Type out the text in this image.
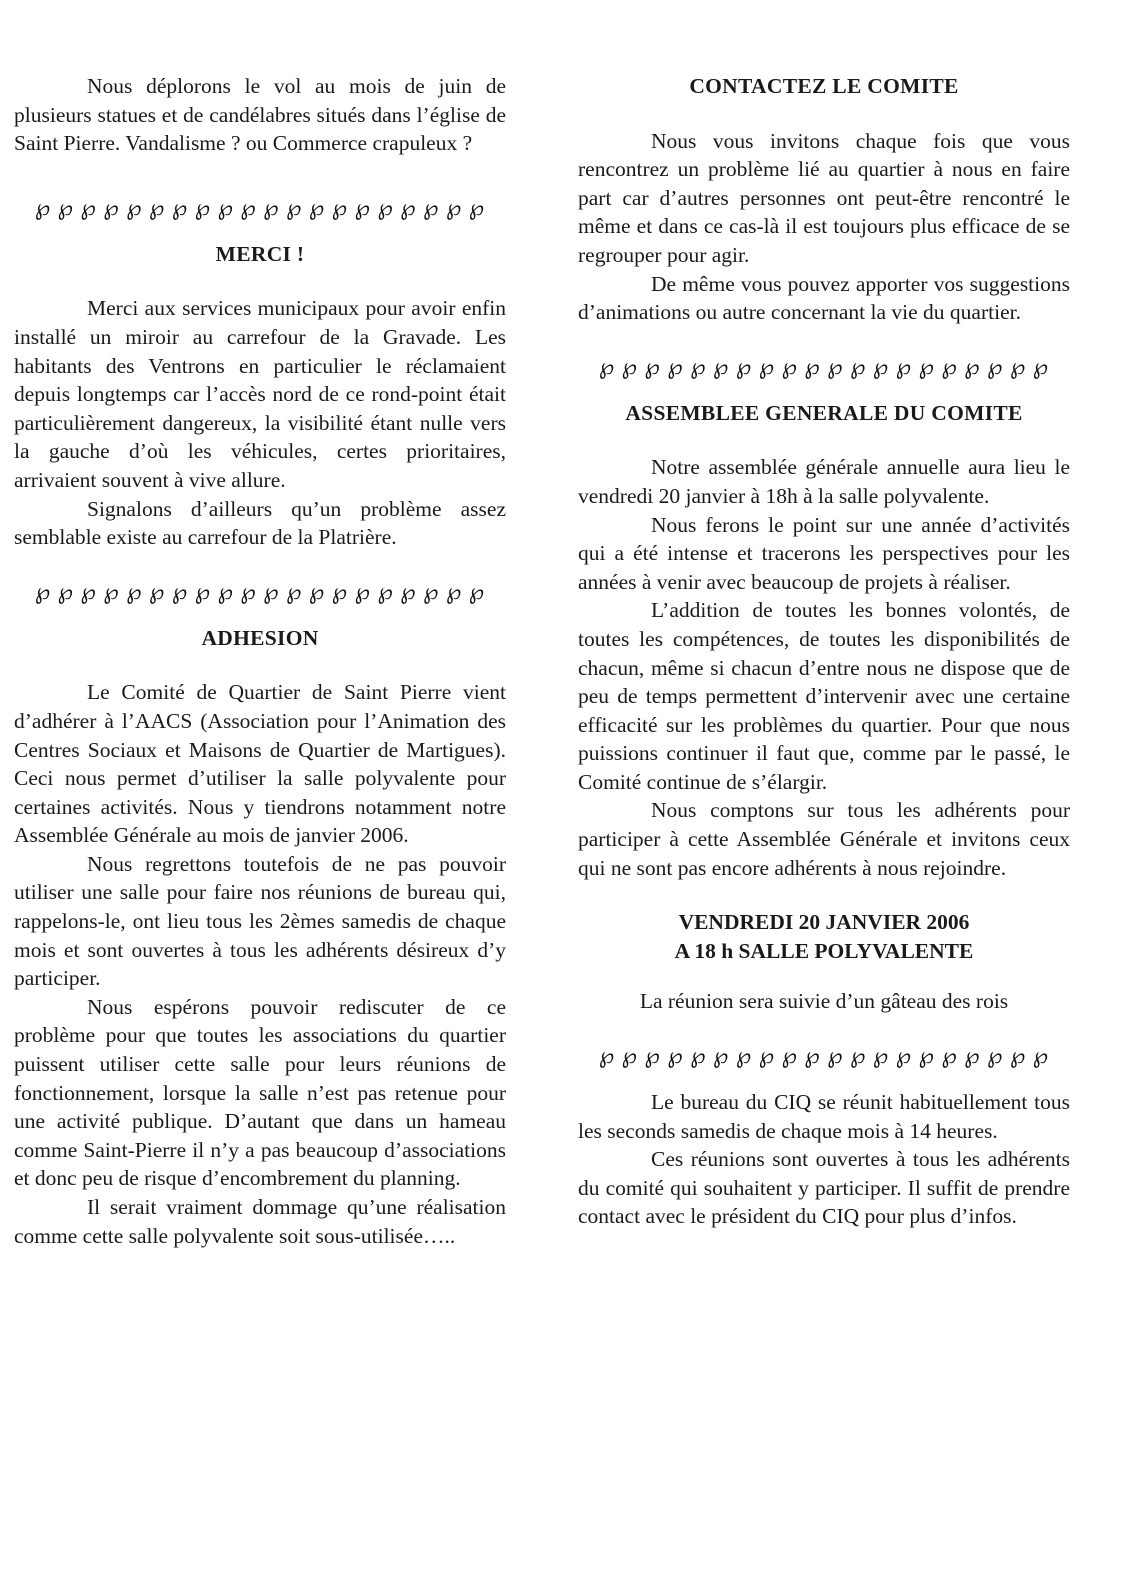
Nous déplorons le vol au mois de juin de plusieurs statues et de candélabres situés dans l’église de Saint Pierre. Vandalisme ? ou Commerce crapuleux ?

℘ ℘ ℘ ℘ ℘ ℘ ℘ ℘ ℘ ℘ ℘ ℘ ℘ ℘ ℘ ℘ ℘ ℘ ℘ ℘
MERCI !

Merci aux services municipaux pour avoir enfin installé un miroir au carrefour de la Gravade. Les habitants des Ventrons en particulier le réclamaient depuis longtemps car l’accès nord de ce rond-point était particulièrement dangereux, la visibilité étant nulle vers la gauche d’où les véhicules, certes prioritaires, arrivaient souvent à vive allure.

Signalons d’ailleurs qu’un problème assez semblable existe au carrefour de la Platrière.

℘ ℘ ℘ ℘ ℘ ℘ ℘ ℘ ℘ ℘ ℘ ℘ ℘ ℘ ℘ ℘ ℘ ℘ ℘ ℘
ADHESION

Le Comité de Quartier de Saint Pierre vient d’adhérer à l’AACS (Association pour l’Animation des Centres Sociaux et Maisons de Quartier de Martigues). Ceci nous permet d’utiliser la salle polyvalente pour certaines activités. Nous y tiendrons notamment notre Assemblée Générale au mois de janvier 2006.

Nous regrettons toutefois de ne pas pouvoir utiliser une salle pour faire nos réunions de bureau qui, rappelons-le, ont lieu tous les 2èmes samedis de chaque mois et sont ouvertes à tous les adhérents désireux d’y participer.

Nous espérons pouvoir rediscuter de ce problème pour que toutes les associations du quartier puissent utiliser cette salle pour leurs réunions de fonctionnement, lorsque la salle n’est pas retenue pour une activité publique. D’autant que dans un hameau comme Saint-Pierre il n’y a pas beaucoup d’associations et donc peu de risque d’encombrement du planning.

Il serait vraiment dommage qu’une réalisation comme cette salle polyvalente soit sous-utilisée…..

CONTACTEZ LE COMITE

Nous vous invitons chaque fois que vous rencontrez un problème lié au quartier à nous en faire part car d’autres personnes ont peut-être rencontré le même et dans ce cas-là il est toujours plus efficace de se regrouper pour agir.

De même vous pouvez apporter vos suggestions d’animations ou autre concernant la vie du quartier.

℘ ℘ ℘ ℘ ℘ ℘ ℘ ℘ ℘ ℘ ℘ ℘ ℘ ℘ ℘ ℘ ℘ ℘ ℘ ℘
ASSEMBLEE GENERALE DU COMITE

Notre assemblée générale annuelle aura lieu le vendredi 20 janvier à 18h à la salle polyvalente.

Nous ferons le point sur une année d’activités qui a été intense et tracerons les perspectives pour les années à venir avec beaucoup de projets à réaliser.

L’addition de toutes les bonnes volontés, de toutes les compétences, de toutes les disponibilités de chacun, même si chacun d’entre nous ne dispose que de peu de temps permettent d’intervenir avec une certaine efficacité sur les problèmes du quartier. Pour que nous puissions continuer il faut que, comme par le passé, le Comité continue de s’élargir.

Nous comptons sur tous les adhérents pour participer à cette Assemblée Générale et invitons ceux qui ne sont pas encore adhérents à nous rejoindre.

VENDREDI 20 JANVIER 2006
A 18 h SALLE POLYVALENTE

La réunion sera suivie d’un gâteau des rois

℘ ℘ ℘ ℘ ℘ ℘ ℘ ℘ ℘ ℘ ℘ ℘ ℘ ℘ ℘ ℘ ℘ ℘ ℘ ℘

Le bureau du CIQ se réunit habituellement tous les seconds samedis de chaque mois à 14 heures.

Ces réunions sont ouvertes à tous les adhérents du comité qui souhaitent y participer. Il suffit de prendre contact avec le président du CIQ pour plus d’infos.
